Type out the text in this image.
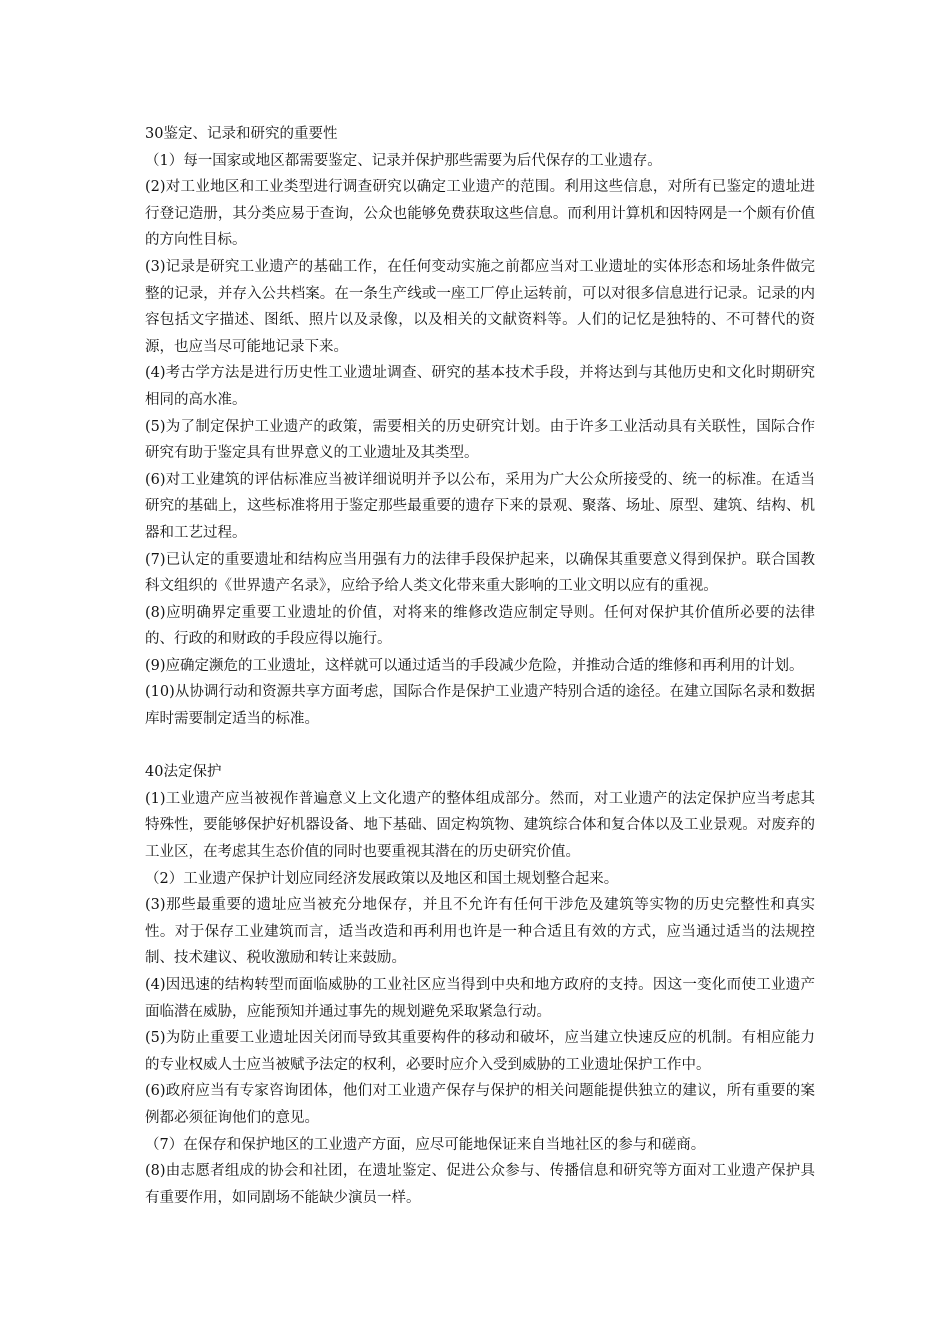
30鉴定、记录和研究的重要性

（1）每一国家或地区都需要鉴定、记录并保护那些需要为后代保存的工业遗存。

(2)对工业地区和工业类型进行调查研究以确定工业遗产的范围。利用这些信息，对所有已鉴定的遗址进行登记造册，其分类应易于查询，公众也能够免费获取这些信息。而利用计算机和因特网是一个颇有价值的方向性目标。

(3)记录是研究工业遗产的基础工作，在任何变动实施之前都应当对工业遗址的实体形态和场址条件做完整的记录，并存入公共档案。在一条生产线或一座工厂停止运转前，可以对很多信息进行记录。记录的内容包括文字描述、图纸、照片以及录像，以及相关的文献资料等。人们的记忆是独特的、不可替代的资源，也应当尽可能地记录下来。

(4)考古学方法是进行历史性工业遗址调查、研究的基本技术手段，并将达到与其他历史和文化时期研究相同的高水准。

(5)为了制定保护工业遗产的政策，需要相关的历史研究计划。由于许多工业活动具有关联性，国际合作研究有助于鉴定具有世界意义的工业遗址及其类型。

(6)对工业建筑的评估标准应当被详细说明并予以公布，采用为广大公众所接受的、统一的标准。在适当研究的基础上，这些标准将用于鉴定那些最重要的遗存下来的景观、聚落、场址、原型、建筑、结构、机器和工艺过程。

(7)已认定的重要遗址和结构应当用强有力的法律手段保护起来，以确保其重要意义得到保护。联合国教科文组织的《世界遗产名录》，应给予给人类文化带来重大影响的工业文明以应有的重视。

(8)应明确界定重要工业遗址的价值，对将来的维修改造应制定导则。任何对保护其价值所必要的法律的、行政的和财政的手段应得以施行。

(9)应确定濒危的工业遗址，这样就可以通过适当的手段减少危险，并推动合适的维修和再利用的计划。

(10)从协调行动和资源共享方面考虑，国际合作是保护工业遗产特别合适的途径。在建立国际名录和数据库时需要制定适当的标准。

40法定保护

(1)工业遗产应当被视作普遍意义上文化遗产的整体组成部分。然而，对工业遗产的法定保护应当考虑其特殊性，要能够保护好机器设备、地下基础、固定构筑物、建筑综合体和复合体以及工业景观。对废弃的工业区，在考虑其生态价值的同时也要重视其潜在的历史研究价值。

（2）工业遗产保护计划应同经济发展政策以及地区和国土规划整合起来。

(3)那些最重要的遗址应当被充分地保存，并且不允许有任何干涉危及建筑等实物的历史完整性和真实性。对于保存工业建筑而言，适当改造和再利用也许是一种合适且有效的方式，应当通过适当的法规控制、技术建议、税收激励和转让来鼓励。

(4)因迅速的结构转型而面临威胁的工业社区应当得到中央和地方政府的支持。因这一变化而使工业遗产面临潜在威胁，应能预知并通过事先的规划避免采取紧急行动。

(5)为防止重要工业遗址因关闭而导致其重要构件的移动和破坏，应当建立快速反应的机制。有相应能力的专业权威人士应当被赋予法定的权利，必要时应介入受到威胁的工业遗址保护工作中。

(6)政府应当有专家咨询团体，他们对工业遗产保存与保护的相关问题能提供独立的建议，所有重要的案例都必须征询他们的意见。

（7）在保存和保护地区的工业遗产方面，应尽可能地保证来自当地社区的参与和磋商。

(8)由志愿者组成的协会和社团，在遗址鉴定、促进公众参与、传播信息和研究等方面对工业遗产保护具有重要作用，如同剧场不能缺少演员一样。
